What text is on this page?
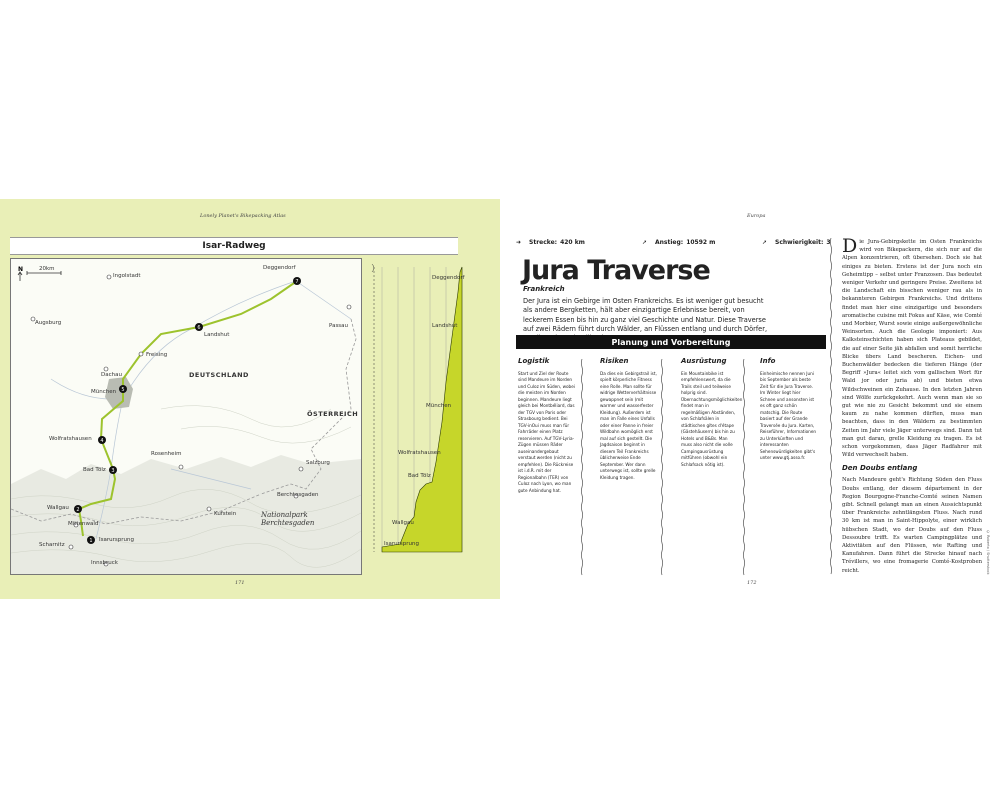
Lonely Planet's Bikepacking Atlas
Isar-Radweg
7
6
5
4
3
2
1
N	20km
Ingolstadt
Deggendorf
Landshut
Passau
Freising
Augsburg
Dachau
München
DEUTSCHLAND
ÖSTERREICH
Wolfratshausen
Rosenheim
Bad Tölz
Salzburg
Berchtesgaden
Kufstein
Wallgau
Mittenwald
Scharnitz
Isarursprung
Innsbruck
Nationalpark Berchtesgaden
Deggendorf
Landshut
München
Wolfratshausen
Bad Tölz
Wallgau
Isarursprung
171
Europa
➜	Strecke: 420 km	➚	Anstieg: 10592 m	➚	Schwierigkeit: 3
Jura Traverse
Frankreich
Der Jura ist ein Gebirge im Osten Frankreichs. Es ist weniger gut besucht als andere Bergketten, hält aber einzigartige Erlebnisse bereit, von leckerem Essen bis hin zu ganz viel Geschichte und Natur. Diese Traverse auf zwei Rädern führt durch Wälder, an Flüssen entlang und durch Dörfer,
Planung und Vorbereitung
Logistik
Start und Ziel der Route sind Mandeure im Norden und Culoz im Süden, wobei die meisten im Norden beginnen. Mandeure liegt gleich bei Montbéliard, das der TGV von Paris oder Strasbourg bedient. Bei TGV-inOui muss man für Fahrräder einen Platz reservieren. Auf TGV-Lyria-Zügen müssen Räder auseinandergebaut verstaut werden (nicht zu empfehlen). Die Rückreise ist i.d.R. mit der Regionalbahn (TER) von Culoz nach Lyon, wo man gute Anbindung hat.
Risiken
Da dies ein Gebirgstrail ist, spielt körperliche Fitness eine Rolle. Man sollte für widrige Wetterverhältnisse gewappnet sein (mit warmer und wasserfester Kleidung). Außerdem ist man im Falle eines Unfalls oder einer Panne in freier Wildbahn womöglich erst mal auf sich gestellt. Die Jagdsaison beginnt in diesem Teil Frankreichs üblicherweise Ende September. Wer dann unterwegs ist, sollte grelle Kleidung tragen.
Ausrüstung
Ein Mountainbike ist empfehlenswert, da die Trails steil und teilweise holprig sind. Übernachtungsmöglichkeiten findet man in regelmäßigen Abständen, von Schlafsälen in städtischen gîtes d'étape (Gästehäusern) bis hin zu Hotels und B&Bs. Man muss also nicht die volle Campingausrüstung mitführen (obwohl ein Schlafsack nötig ist).
Info
Einheimische nennen Juni bis September als beste Zeit für die Jura Traverse. Im Winter liegt hier Schnee und ansonsten ist es oft ganz schön matschig. Die Route basiert auf der Grande Traversée du Jura. Karten, Reiseführer, Informationen zu Unterkünften und interessanten Sehenswürdigkeiten gibt's unter www.gtj.asso.fr.
Die Jura-Gebirgskette im Osten Frankreichs wird von Bikepackern, die sich nur auf die Alpen konzentrieren, oft übersehen. Doch sie hat einiges zu bieten. Erstens ist der Jura noch ein Geheimtipp – selbst unter Franzosen. Das bedeutet weniger Verkehr und geringere Preise. Zweitens ist die Landschaft ein bisschen weniger rau als in bekannteren Gebirgen Frankreichs. Und drittens findet man hier eine einzigartige und besonders aromatische cuisine mit Fokus auf Käse, wie Comté und Morbier, Wurst sowie einige außergewöhnliche Weinsorten. Auch die Geologie imponiert: Aus Kalksteinschichten haben sich Plateaus gebildet, die auf einer Seite jäh abfallen und somit herrliche Blicke übers Land bescheren. Eichen- und Buchenwälder bedecken die tieferen Hänge (der Begriff »Jura« leitet sich vom gallischen Wort für Wald jor oder juria ab) und bieten etwa Wildschweinen ein Zuhause. In den letzten Jahren sind Wölfe zurückgekehrt. Auch wenn man sie so gut wie nie zu Gesicht bekommt und sie einem kaum zu nahe kommen dürften, muss man beachten, dass in den Wäldern zu bestimmten Zeiten im Jahr viele Jäger unterwegs sind. Dann tut man gut daran, grelle Kleidung zu tragen. Es ist schon vorgekommen, dass Jäger Radfahrer mit Wild verwechselt haben.
Den Doubs entlang
Nach Mandeure geht's Richtung Süden den Fluss Doubs entlang, der diesem département in der Region Bourgogne-Franche-Comté seinen Namen gibt. Schnell gelangt man an einen Aussichtspunkt über Frankreichs zehntlängsten Fluss. Nach rund 30 km ist man in Saint-Hippolyte, einer wirklich hübschen Stadt, wo der Doubs auf den Fluss Dessoubre trifft. Es warten Campingplätze und Aktivitäten auf den Flüssen, wie Rafting und Kanufahren. Dann führt die Strecke hinauf nach Trévillers, wo eine fromagerie Comté-Kostproben reicht.	© Robertx / Shutterstock
172
